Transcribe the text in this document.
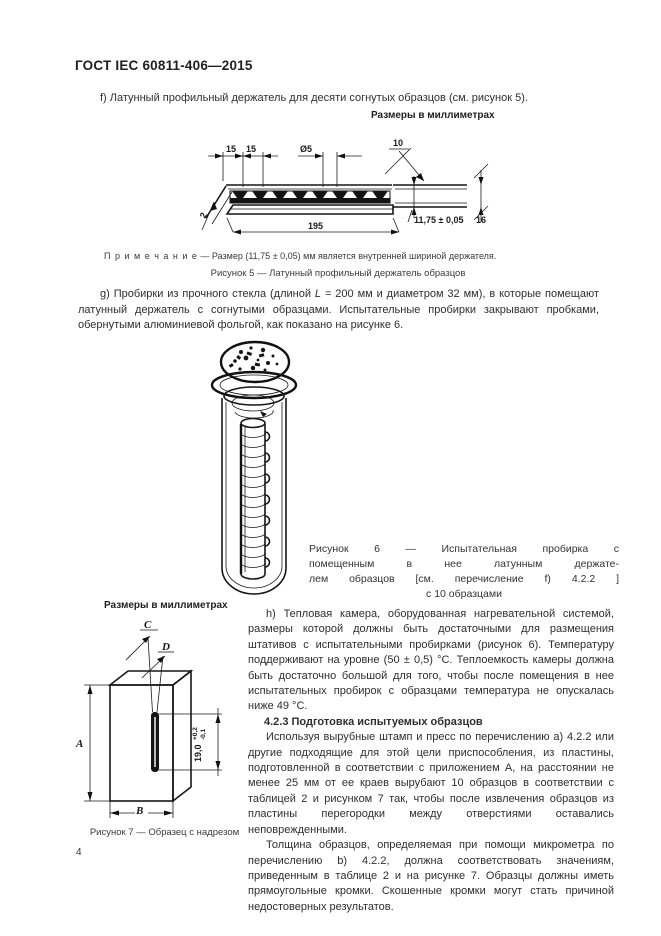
ГОСТ IEC 60811-406—2015

f) Латунный профильный держатель для десяти согнутых образцов (см. рисунок 5).

Размеры в миллиметрах
2
15 15	Ø5
10
11,75 ± 0,05 16
195
П р и м е ч а н и е — Размер (11,75 ± 0,05) мм является внутренней шириной держателя.
Рисунок 5 — Латунный профильный держатель образцов

g) Пробирки из прочного стекла (длиной L = 200 мм и диаметром 32 мм), в которые помещают латунный держатель с согнутыми образцами. Испытательные пробирки закрывают пробками, обернутыми алюминиевой фольгой, как показано на рисунке 6.

Рисунок 6 — Испытательная пробирка с
помещенным в нее латунным держате-
лем образцов [см. перечисление f) 4.2.2 ]
с 10 образцами
Размеры в миллиметрах

h) Тепловая камера, оборудованная нагревательной системой, размеры которой должны быть достаточными для размещения штативов с испытательными пробирками (рисунок 6). Температуру поддерживают на уровне (50 ± 0,5) °С. Теплоемкость камеры должна быть достаточно большой для того, чтобы после помещения в нее испытательных пробирок с образцами температура не опускалась ниже 49 °С.

4.2.3 Подготовка испытуемых образцов

Используя вырубные штамп и пресс по перечислению a) 4.2.2 или другие подходящие для этой цели приспособления, из пластины, подготовленной в соответствии с приложением А, на расстоянии не менее 25 мм от ее краев вырубают 10 образцов в соответствии с таблицей 2 и рисунком 7 так, чтобы после извлечения образцов из пластины перегородки между отверстиями оставались неповрежденными.

Толщина образцов, определяемая при помощи микрометра по перечислению b) 4.2.2, должна соответствовать значениям, приведенным в таблице 2 и на рисунке 7. Образцы должны иметь прямоугольные кромки. Скошенные кромки могут стать причиной недостоверных результатов.

C
D
A
B
19,0
+0,2 -0,1
Рисунок 7 — Образец с надрезом
4
